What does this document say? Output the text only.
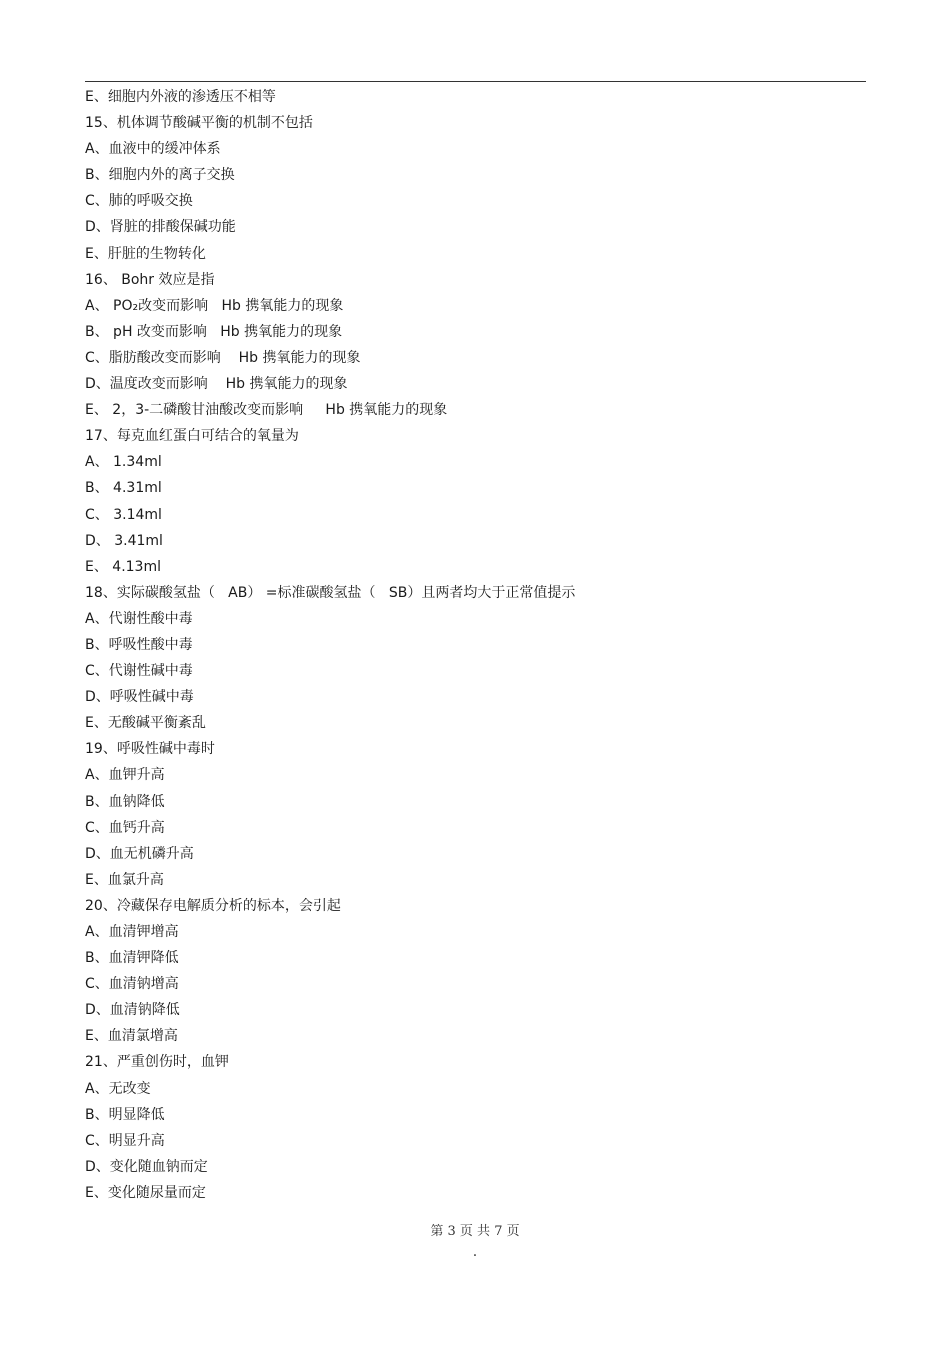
E、细胞内外液的渗透压不相等
15、机体调节酸碱平衡的机制不包括
A、血液中的缓冲体系
B、细胞内外的离子交换
C、肺的呼吸交换
D、肾脏的排酸保碱功能
E、肝脏的生物转化
16、 Bohr 效应是指
A、 PO₂改变而影响   Hb 携氧能力的现象
B、 pH 改变而影响   Hb 携氧能力的现象
C、脂肪酸改变而影响    Hb 携氧能力的现象
D、温度改变而影响    Hb 携氧能力的现象
E、 2，3-二磷酸甘油酸改变而影响     Hb 携氧能力的现象
17、每克血红蛋白可结合的氧量为
A、 1.34ml
B、 4.31ml
C、 3.14ml
D、 3.41ml
E、 4.13ml
18、实际碳酸氢盐（   AB） =标准碳酸氢盐（   SB）且两者均大于正常值提示
A、代谢性酸中毒
B、呼吸性酸中毒
C、代谢性碱中毒
D、呼吸性碱中毒
E、无酸碱平衡紊乱
19、呼吸性碱中毒时
A、血钾升高
B、血钠降低
C、血钙升高
D、血无机磷升高
E、血氯升高
20、冷藏保存电解质分析的标本，会引起
A、血清钾增高
B、血清钾降低
C、血清钠增高
D、血清钠降低
E、血清氯增高
21、严重创伤时，血钾
A、无改变
B、明显降低
C、明显升高
D、变化随血钠而定
E、变化随尿量而定
第 3 页 共 7 页
.
